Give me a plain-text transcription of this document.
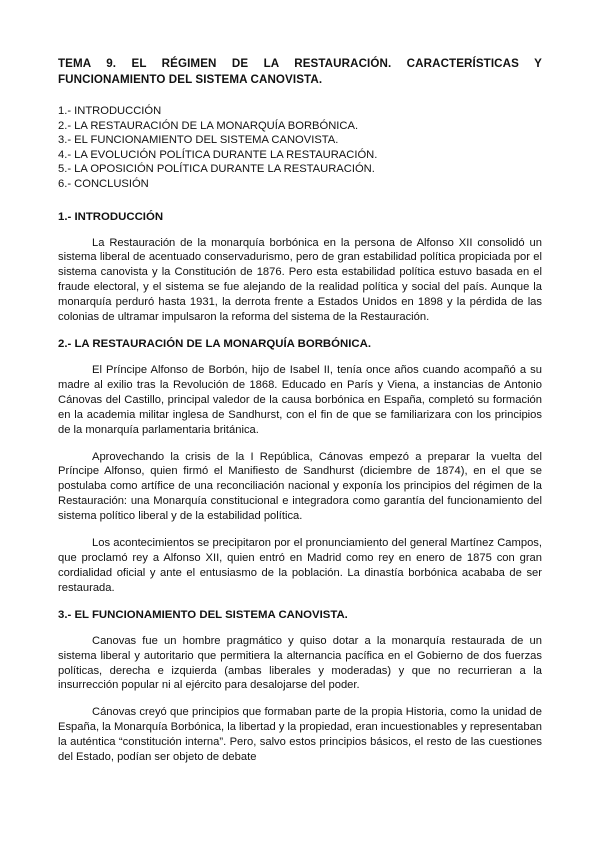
TEMA 9. EL RÉGIMEN DE LA RESTAURACIÓN. CARACTERÍSTICAS Y FUNCIONAMIENTO DEL SISTEMA CANOVISTA.
1.- INTRODUCCIÓN
2.- LA RESTAURACIÓN DE LA MONARQUÍA BORBÓNICA.
3.- EL FUNCIONAMIENTO DEL SISTEMA CANOVISTA.
4.- LA EVOLUCIÓN POLÍTICA DURANTE LA RESTAURACIÓN.
5.- LA OPOSICIÓN POLÍTICA DURANTE LA RESTAURACIÓN.
6.- CONCLUSIÓN
1.- INTRODUCCIÓN

La Restauración de la monarquía borbónica en la persona de Alfonso XII consolidó un sistema liberal de acentuado conservadurismo, pero de gran estabilidad política propiciada por el sistema canovista y la Constitución de 1876. Pero esta estabilidad política estuvo basada en el fraude electoral, y el sistema se fue alejando de la realidad política y social del país. Aunque la monarquía perduró hasta 1931, la derrota frente a Estados Unidos en 1898 y la pérdida de las colonias de ultramar impulsaron la reforma del sistema de la Restauración.

2.- LA RESTAURACIÓN DE LA MONARQUÍA BORBÓNICA.

El Príncipe Alfonso de Borbón, hijo de Isabel II, tenía once años cuando acompañó a su madre al exilio tras la Revolución de 1868. Educado en París y Viena, a instancias de Antonio Cánovas del Castillo, principal valedor de la causa borbónica en España, completó su formación en la academia militar inglesa de Sandhurst, con el fin de que se familiarizara con los principios de la monarquía parlamentaria británica.

Aprovechando la crisis de la I República, Cánovas empezó a preparar la vuelta del Príncipe Alfonso, quien firmó el Manifiesto de Sandhurst (diciembre de 1874), en el que se postulaba como artífice de una reconciliación nacional y exponía los principios del régimen de la Restauración: una Monarquía constitucional e integradora como garantía del funcionamiento del sistema político liberal y de la estabilidad política.

Los acontecimientos se precipitaron por el pronunciamiento del general Martínez Campos, que proclamó rey a Alfonso XII, quien entró en Madrid como rey en enero de 1875 con gran cordialidad oficial y ante el entusiasmo de la población. La dinastía borbónica acababa de ser restaurada.

3.- EL FUNCIONAMIENTO DEL SISTEMA CANOVISTA.

Canovas fue un hombre pragmático y quiso dotar a la monarquía restaurada de un sistema liberal y autoritario que permitiera la alternancia pacífica en el Gobierno de dos fuerzas políticas, derecha e izquierda (ambas liberales y moderadas) y que no recurrieran a la insurrección popular ni al ejército para desalojarse del poder.

Cánovas creyó que principios que formaban parte de la propia Historia, como la unidad de España, la Monarquía Borbónica, la libertad y la propiedad, eran incuestionables y representaban la auténtica “constitución interna”. Pero, salvo estos principios básicos, el resto de las cuestiones del Estado, podían ser objeto de debate
